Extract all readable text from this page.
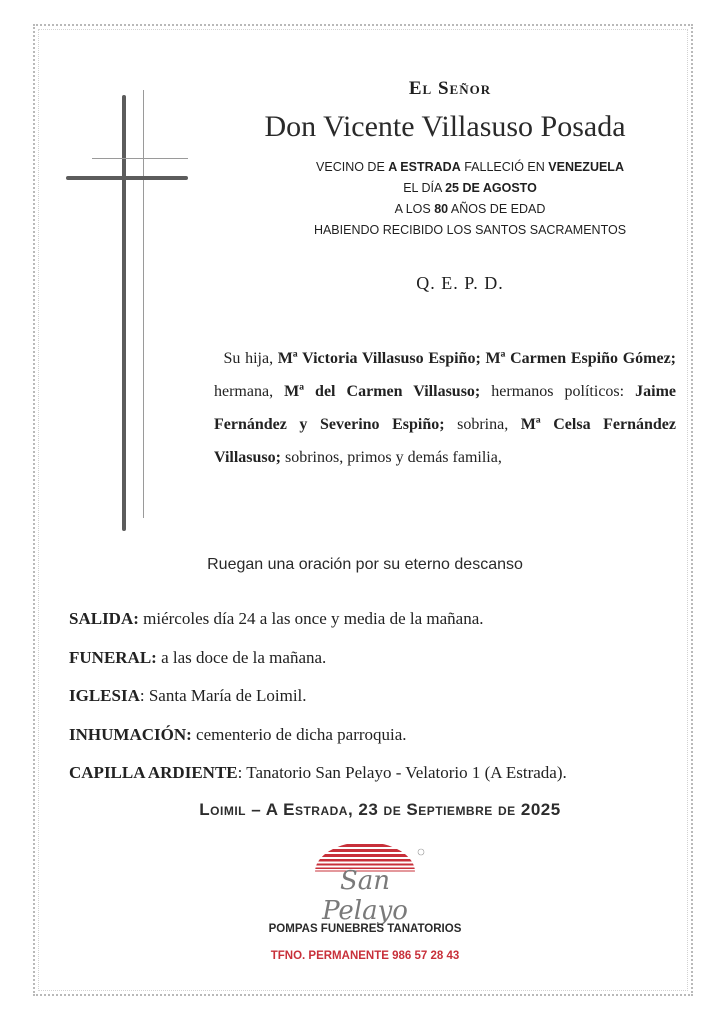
El Señor
Don Vicente Villasuso Posada
VECINO DE A ESTRADA FALLECIÓ EN VENEZUELA
EL DÍA 25 DE AGOSTO
A LOS 80 AÑOS DE EDAD
HABIENDO RECIBIDO LOS SANTOS SACRAMENTOS
Q. E. P. D.
Su hija, Mª Victoria Villasuso Espiño; Mª Carmen Espiño Gómez; hermana, Mª del Carmen Villasuso; hermanos políticos: Jaime Fernández y Severino Espiño; sobrina, Mª Celsa Fernández Villasuso; sobrinos, primos y demás familia,
Ruegan una oración por su eterno descanso
SALIDA: miércoles día 24 a las once y media de la mañana.
FUNERAL: a las doce de la mañana.
IGLESIA: Santa María de Loimil.
INHUMACIÓN: cementerio de dicha parroquia.
CAPILLA ARDIENTE: Tanatorio San Pelayo - Velatorio 1 (A Estrada).
Loimil – A Estrada, 23 de Septiembre de 2025
San Pelayo
POMPAS FUNEBRES TANATORIOS
TFNO. PERMANENTE 986 57 28 43
